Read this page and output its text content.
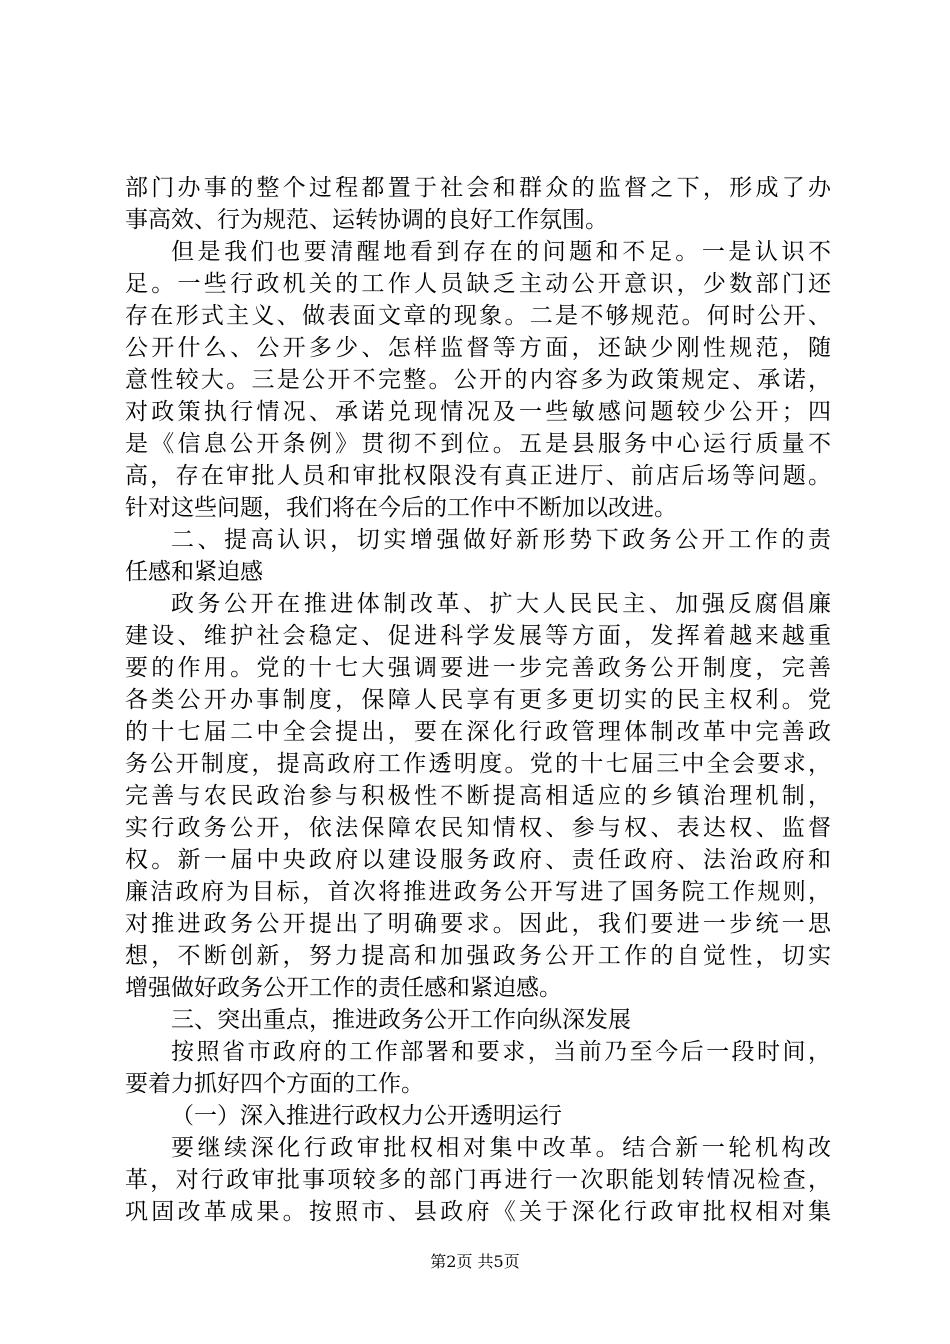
部门办事的整个过程都置于社会和群众的监督之下，形成了办
事高效、行为规范、运转协调的良好工作氛围。
但是我们也要清醒地看到存在的问题和不足。一是认识不
足。一些行政机关的工作人员缺乏主动公开意识，少数部门还
存在形式主义、做表面文章的现象。二是不够规范。何时公开、
公开什么、公开多少、怎样监督等方面，还缺少刚性规范，随
意性较大。三是公开不完整。公开的内容多为政策规定、承诺，
对政策执行情况、承诺兑现情况及一些敏感问题较少公开；四
是《信息公开条例》贯彻不到位。五是县服务中心运行质量不
高，存在审批人员和审批权限没有真正进厅、前店后场等问题。
针对这些问题，我们将在今后的工作中不断加以改进。
二、提高认识，切实增强做好新形势下政务公开工作的责
任感和紧迫感
政务公开在推进体制改革、扩大人民民主、加强反腐倡廉
建设、维护社会稳定、促进科学发展等方面，发挥着越来越重
要的作用。党的十七大强调要进一步完善政务公开制度，完善
各类公开办事制度，保障人民享有更多更切实的民主权利。党
的十七届二中全会提出，要在深化行政管理体制改革中完善政
务公开制度，提高政府工作透明度。党的十七届三中全会要求，
完善与农民政治参与积极性不断提高相适应的乡镇治理机制，
实行政务公开，依法保障农民知情权、参与权、表达权、监督
权。新一届中央政府以建设服务政府、责任政府、法治政府和
廉洁政府为目标，首次将推进政务公开写进了国务院工作规则，
对推进政务公开提出了明确要求。因此，我们要进一步统一思
想，不断创新，努力提高和加强政务公开工作的自觉性，切实
增强做好政务公开工作的责任感和紧迫感。
三、突出重点，推进政务公开工作向纵深发展
按照省市政府的工作部署和要求，当前乃至今后一段时间，
要着力抓好四个方面的工作。
（一）深入推进行政权力公开透明运行
要继续深化行政审批权相对集中改革。结合新一轮机构改
革，对行政审批事项较多的部门再进行一次职能划转情况检查，
巩固改革成果。按照市、县政府《关于深化行政审批权相对集
第2页 共5页
